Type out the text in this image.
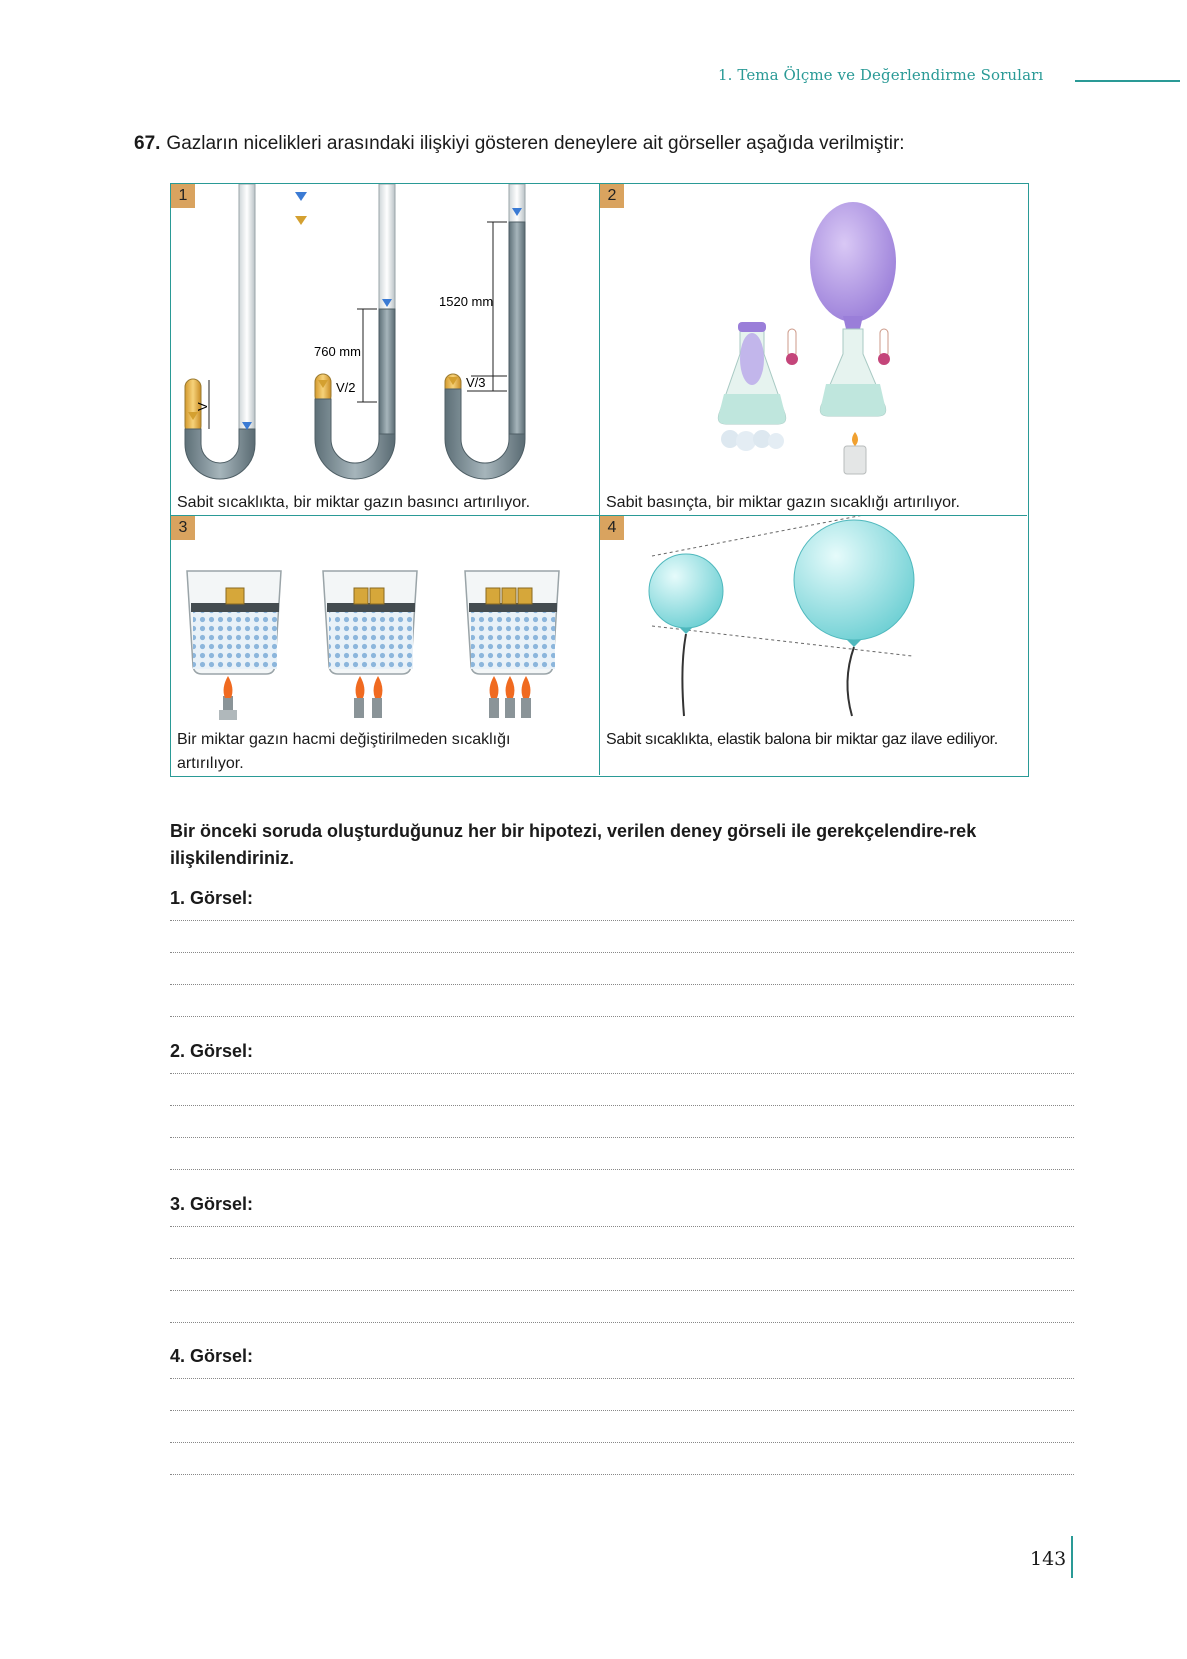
1. Tema Ölçme ve Değerlendirme Soruları
67. Gazların nicelikleri arasındaki ilişkiyi gösteren deneylere ait görseller aşağıda verilmiştir:
V
760 mm
V/2
1520 mm
V/3
1
Sabit sıcaklıkta, bir miktar gazın basıncı artırılıyor.
2
Sabit basınçta, bir miktar gazın sıcaklığı artırılıyor.
3
Bir miktar gazın hacmi değiştirilmeden sıcaklığı artırılıyor.
4
Sabit sıcaklıkta, elastik balona bir miktar gaz ilave ediliyor.
Bir önceki soruda oluşturduğunuz her bir hipotezi, verilen deney görseli ile gerekçelendire-rek ilişkilendiriniz.
1. Görsel:
2. Görsel:
3. Görsel:
4. Görsel:
143
